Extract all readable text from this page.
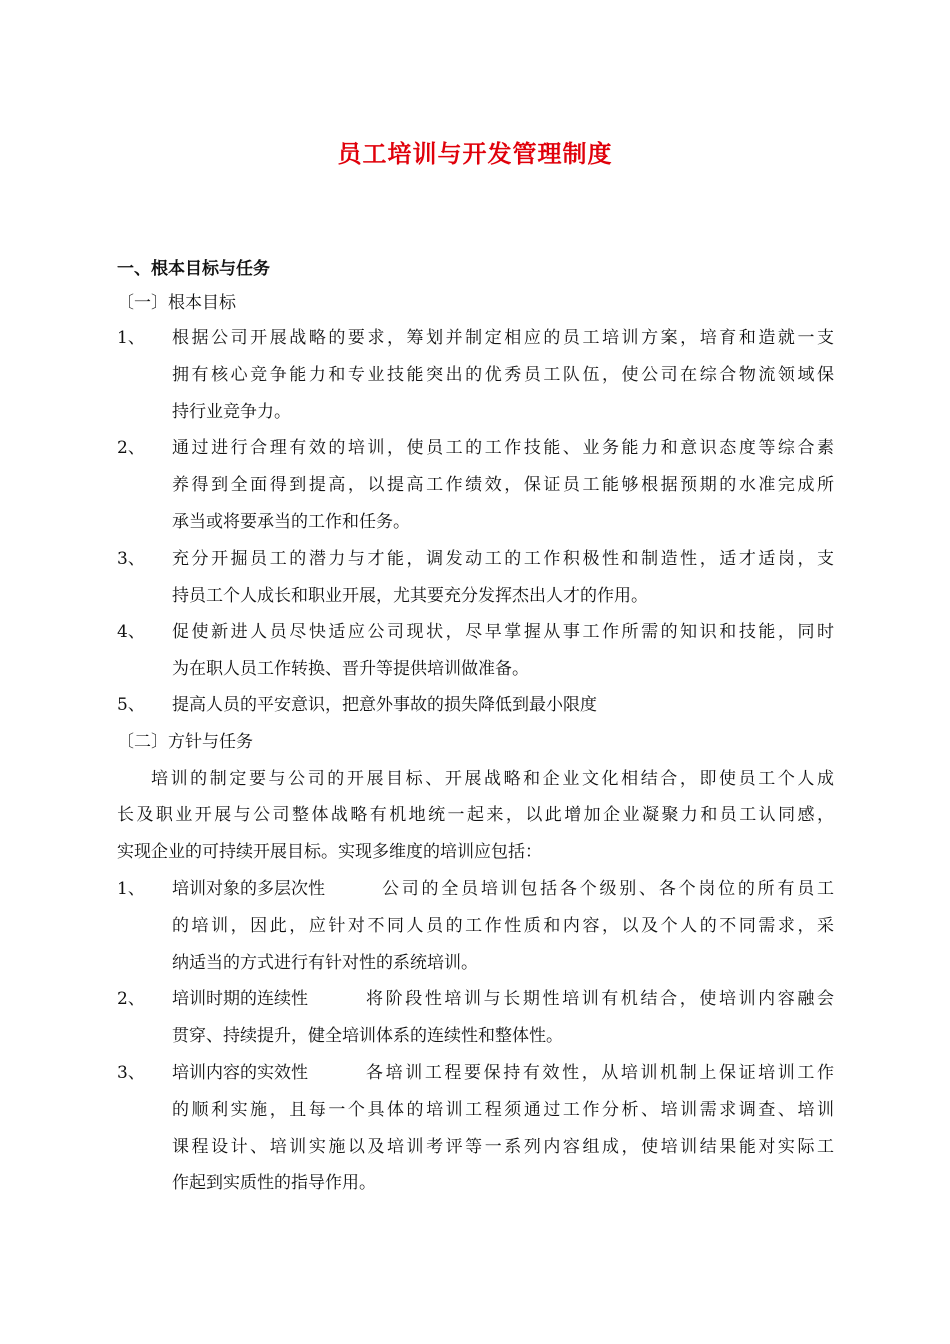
员工培训与开发管理制度
一、根本目标与任务
〔一〕根本目标
1、 根据公司开展战略的要求，筹划并制定相应的员工培训方案，培育和造就一支
拥有核心竞争能力和专业技能突出的优秀员工队伍，使公司在综合物流领域保
持行业竞争力。
2、 通过进行合理有效的培训，使员工的工作技能、业务能力和意识态度等综合素
养得到全面得到提高，以提高工作绩效，保证员工能够根据预期的水准完成所
承当或将要承当的工作和任务。
3、 充分开掘员工的潜力与才能，调发动工的工作积极性和制造性，适才适岗，支
持员工个人成长和职业开展，尤其要充分发挥杰出人才的作用。
4、 促使新进人员尽快适应公司现状，尽早掌握从事工作所需的知识和技能，同时
为在职人员工作转换、晋升等提供培训做准备。
5、 提高人员的平安意识，把意外事故的损失降低到最小限度
〔二〕方针与任务
培训的制定要与公司的开展目标、开展战略和企业文化相结合，即使员工个人成
长及职业开展与公司整体战略有机地统一起来，以此增加企业凝聚力和员工认同感，
实现企业的可持续开展目标。实现多维度的培训应包括：
1、 培训对象的多层次性	公司的全员培训包括各个级别、各个岗位的所有员工
的培训，因此，应针对不同人员的工作性质和内容，以及个人的不同需求，采
纳适当的方式进行有针对性的系统培训。
2、 培训时期的连续性	将阶段性培训与长期性培训有机结合，使培训内容融会
贯穿、持续提升，健全培训体系的连续性和整体性。
3、 培训内容的实效性	各培训工程要保持有效性，从培训机制上保证培训工作
的顺利实施，且每一个具体的培训工程须通过工作分析、培训需求调查、培训
课程设计、培训实施以及培训考评等一系列内容组成，使培训结果能对实际工
作起到实质性的指导作用。
